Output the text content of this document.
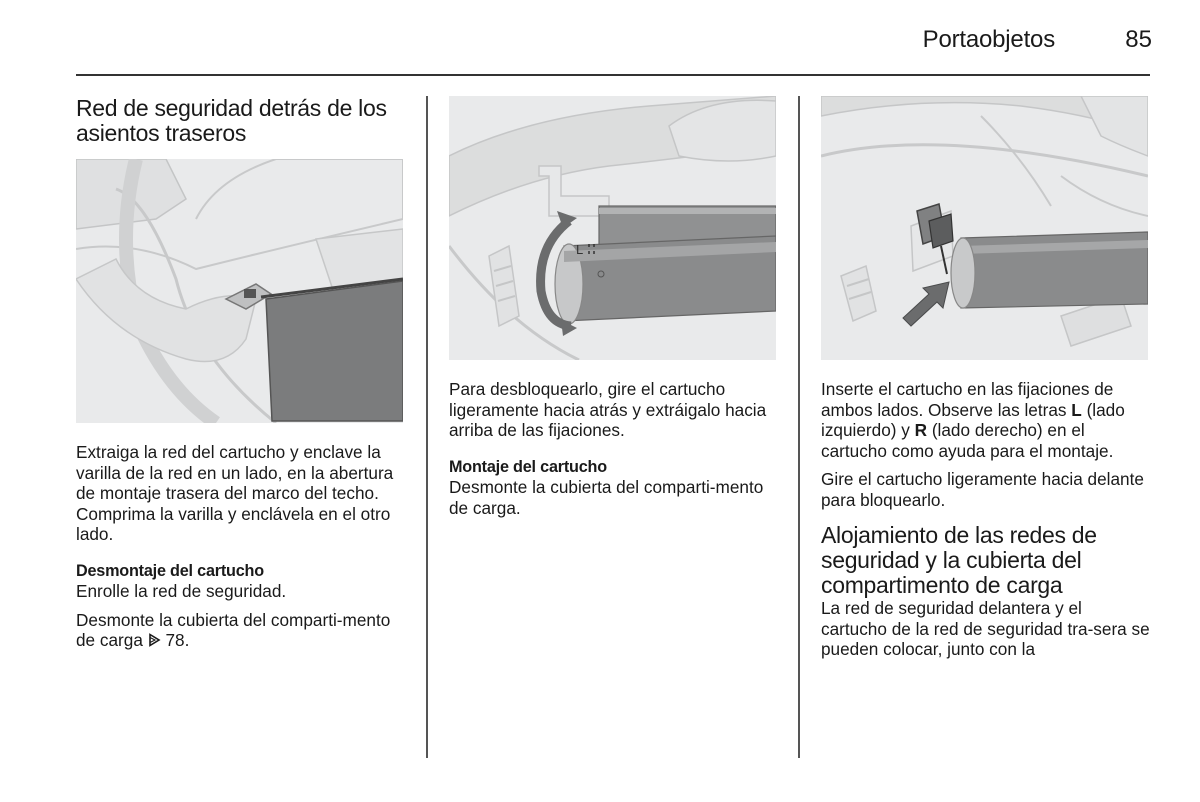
Portaobjetos	85
Red de seguridad detrás de los asientos traseros

Extraiga la red del cartucho y enclave la varilla de la red en un lado, en la abertura de montaje trasera del marco del techo. Comprima la varilla y enclávela en el otro lado.

Desmontaje del cartucho

Enrolle la red de seguridad.

Desmonte la cubierta del comparti-mento de carga 78.

L

Para desbloquearlo, gire el cartucho ligeramente hacia atrás y extráigalo hacia arriba de las fijaciones.

Montaje del cartucho

Desmonte la cubierta del comparti-mento de carga.

Inserte el cartucho en las fijaciones de ambos lados. Observe las letras L (lado izquierdo) y R (lado derecho) en el cartucho como ayuda para el montaje.

Gire el cartucho ligeramente hacia delante para bloquearlo.

Alojamiento de las redes de seguridad y la cubierta del compartimento de carga

La red de seguridad delantera y el cartucho de la red de seguridad tra-sera se pueden colocar, junto con la
